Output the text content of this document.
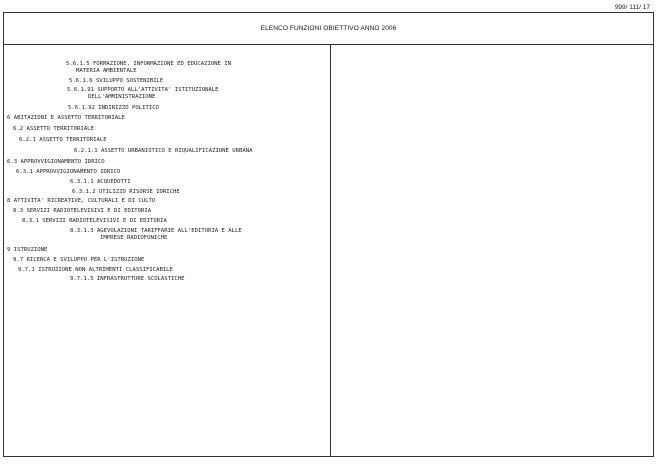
999/ 111/ 17
ELENCO FUNZIONI OBIETTIVO ANNO 2006
5.6.1.5 FORMAZIONE, INFORMAZIONE ED EDUCAZIONE IN
MATERIA AMBIENTALE
5.6.1.6 SVILUPPO SOSTENIBILE
5.6.1.91 SUPPORTO ALL'ATTIVITA' ISTITUZIONALE
DELL'AMMINISTRAZIONE
5.6.1.92 INDIRIZZO POLITICO
6 ABITAZIONI E ASSETTO TERRITORIALE
6.2 ASSETTO TERRITORIALE
6.2.1 ASSETTO TERRITORIALE
6.2.1.1 ASSETTO URBANISTICO E RIQUALIFICAZIONE URBANA
6.3 APPROVVIGIONAMENTO IDRICO
6.3.1 APPROVVIGIONAMENTO IDRICO
6.3.1.1 ACQUEDOTTI
6.3.1.2 UTILIZZO RISORSE IDRICHE
8 ATTIVITA' RICREATIVE, CULTURALI E DI CULTO
8.3 SERVIZI RADIOTELEVISIVI E DI EDITORIA
8.3.1 SERVIZI RADIOTELEVISIVI E DI EDITORIA
8.3.1.3 AGEVOLAZIONI TARIFFARIE ALL'EDITORIA E ALLE
IMPRESE RADIOFONICHE
9 ISTRUZIONE
9.7 RICERCA E SVILUPPO PER L'ISTRUZIONE
9.7.1 ISTRUZIONE NON ALTRIMENTI CLASSIFICABILE
9.7.1.5 INFRASTRUTTURE SCOLASTICHE
